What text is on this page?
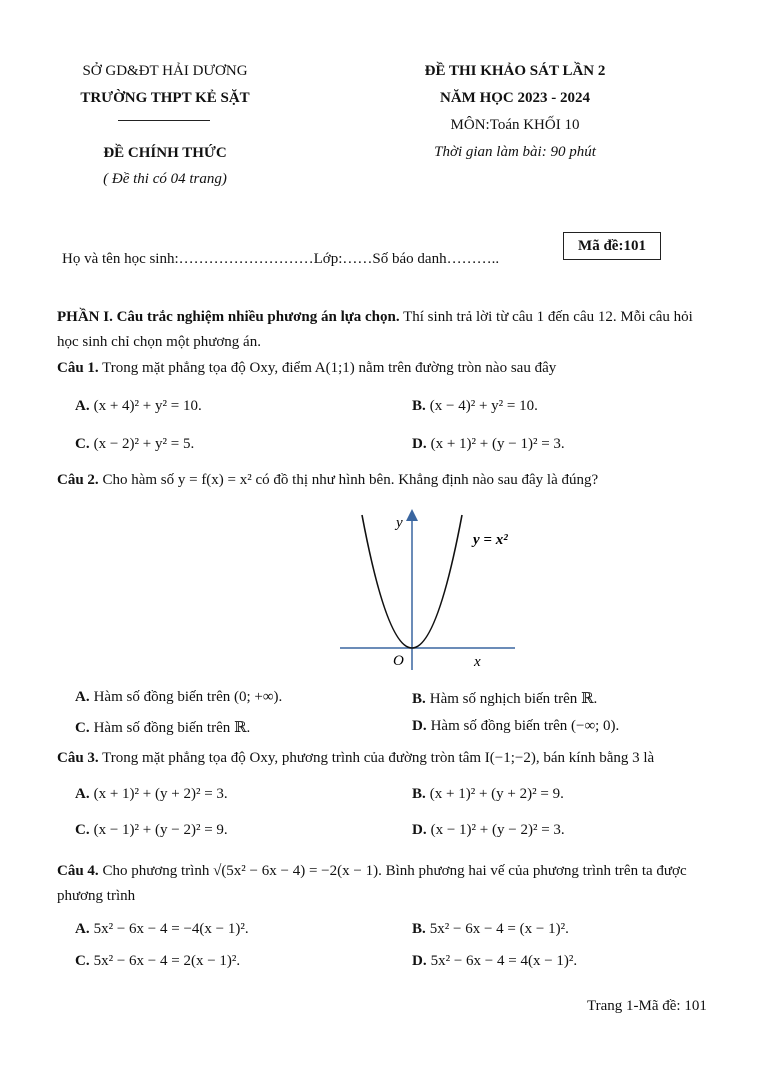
SỞ GD&ĐT HẢI DƯƠNG
TRƯỜNG THPT KẺ SẶT
ĐỀ CHÍNH THỨC
( Đề thi có 04 trang)
ĐỀ THI KHẢO SÁT LẦN 2
NĂM HỌC 2023 - 2024
MÔN:Toán KHỐI 10
Thời gian làm bài: 90 phút
Mã đề:101
Họ và tên học sinh:………………………Lớp:……Số báo danh………..
PHẦN I. Câu trắc nghiệm nhiều phương án lựa chọn. Thí sinh trả lời từ câu 1 đến câu 12. Mỗi câu hỏi học sinh chỉ chọn một phương án.
Câu 1. Trong mặt phẳng tọa độ Oxy, điểm A(1;1) nằm trên đường tròn nào sau đây
A. (x + 4)² + y² = 10.	B. (x − 4)² + y² = 10.
C. (x − 2)² + y² = 5.	D. (x + 1)² + (y − 1)² = 3.
Câu 2. Cho hàm số y = f(x) = x² có đồ thị như hình bên. Khẳng định nào sau đây là đúng?
y
x
O
y = x²
A. Hàm số đồng biến trên (0; +∞).	B. Hàm số nghịch biến trên ℝ.
C. Hàm số đồng biến trên ℝ.	D. Hàm số đồng biến trên (−∞; 0).
Câu 3. Trong mặt phẳng tọa độ Oxy, phương trình của đường tròn tâm I(−1;−2), bán kính bằng 3 là
A. (x + 1)² + (y + 2)² = 3.	B. (x + 1)² + (y + 2)² = 9.
C. (x − 1)² + (y − 2)² = 9.	D. (x − 1)² + (y − 2)² = 3.
Câu 4. Cho phương trình √(5x² − 6x − 4) = −2(x − 1). Bình phương hai vế của phương trình trên ta được phương trình
A. 5x² − 6x − 4 = −4(x − 1)².	B. 5x² − 6x − 4 = (x − 1)².
C. 5x² − 6x − 4 = 2(x − 1)².	D. 5x² − 6x − 4 = 4(x − 1)².
Trang 1-Mã đề: 101
